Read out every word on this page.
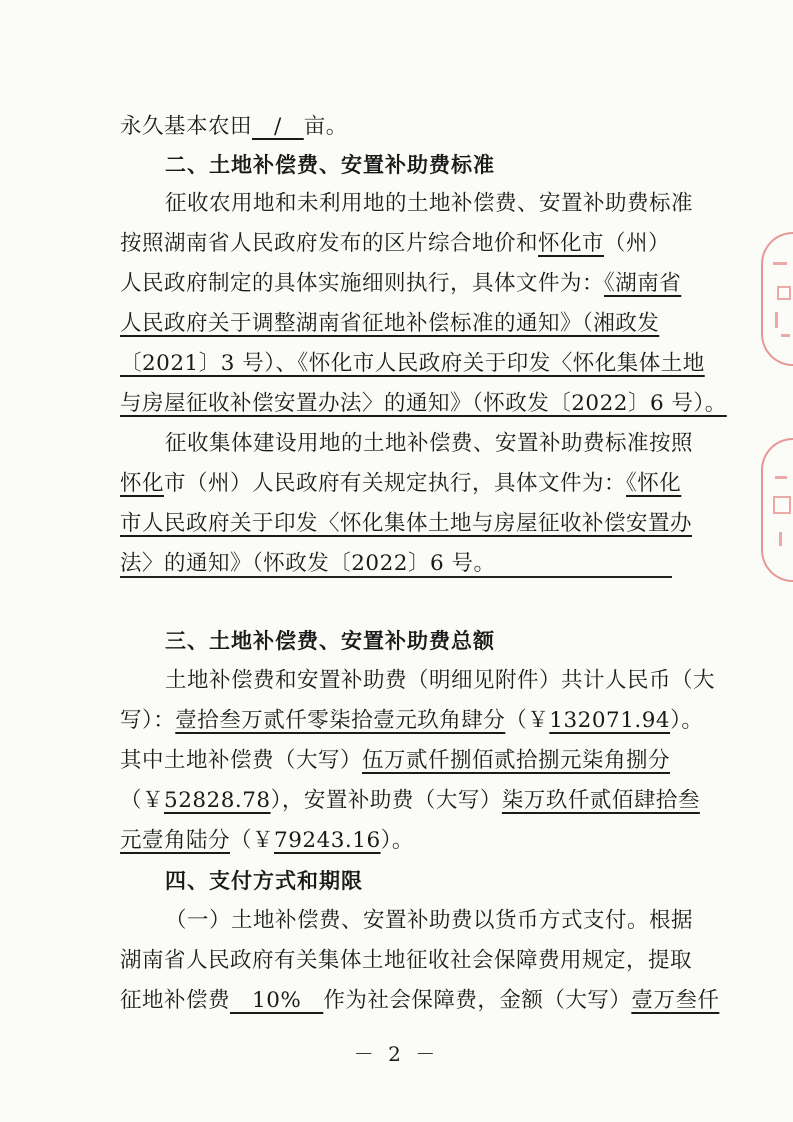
永久基本农田　/　亩。
二、土地补偿费、安置补助费标准
征收农用地和未利用地的土地补偿费、安置补助费标准
按照湖南省人民政府发布的区片综合地价和怀化市（州）
人民政府制定的具体实施细则执行，具体文件为：《湖南省
人民政府关于调整湖南省征地补偿标准的通知》（湘政发
〔2021〕3 号）、《怀化市人民政府关于印发〈怀化集体土地
与房屋征收补偿安置办法〉的通知》（怀政发〔2022〕6 号）。
征收集体建设用地的土地补偿费、安置补助费标准按照
怀化市（州）人民政府有关规定执行，具体文件为：《怀化
市人民政府关于印发〈怀化集体土地与房屋征收补偿安置办
法〉的通知》（怀政发〔2022〕6 号。
三、土地补偿费、安置补助费总额
土地补偿费和安置补助费（明细见附件）共计人民币（大
写）：壹拾叁万贰仟零柒拾壹元玖角肆分（￥132071.94）。
其中土地补偿费（大写）伍万贰仟捌佰贰拾捌元柒角捌分
（￥52828.78），安置补助费（大写）柒万玖仟贰佰肆拾叁
元壹角陆分（￥79243.16）。
四、支付方式和期限
（一）土地补偿费、安置补助费以货币方式支付。根据
湖南省人民政府有关集体土地征收社会保障费用规定，提取
征地补偿费　10%　作为社会保障费，金额（大写）壹万叁仟
－ 2 －
